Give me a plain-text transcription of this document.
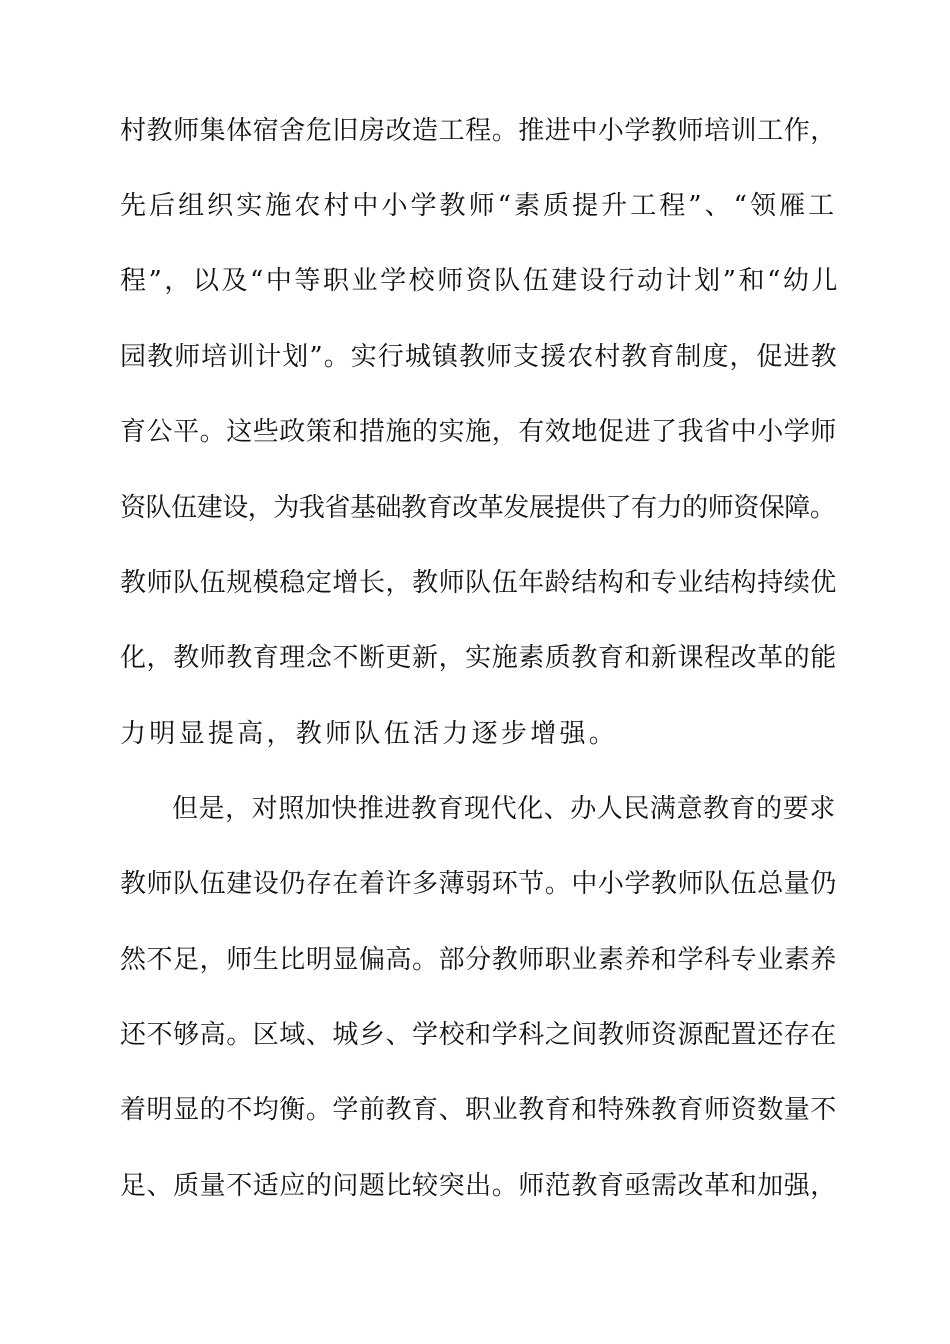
村教师集体宿舍危旧房改造工程。推进中小学教师培训工作，
先后组织实施农村中小学教师“素质提升工程”、“领雁工
程”，以及“中等职业学校师资队伍建设行动计划”和“幼儿
园教师培训计划”。实行城镇教师支援农村教育制度，促进教
育公平。这些政策和措施的实施，有效地促进了我省中小学师
资队伍建设，为我省基础教育改革发展提供了有力的师资保障。
教师队伍规模稳定增长，教师队伍年龄结构和专业结构持续优
化，教师教育理念不断更新，实施素质教育和新课程改革的能
力明显提高，教师队伍活力逐步增强。
但是，对照加快推进教育现代化、办人民满意教育的要求
教师队伍建设仍存在着许多薄弱环节。中小学教师队伍总量仍
然不足，师生比明显偏高。部分教师职业素养和学科专业素养
还不够高。区域、城乡、学校和学科之间教师资源配置还存在
着明显的不均衡。学前教育、职业教育和特殊教育师资数量不
足、质量不适应的问题比较突出。师范教育亟需改革和加强，
